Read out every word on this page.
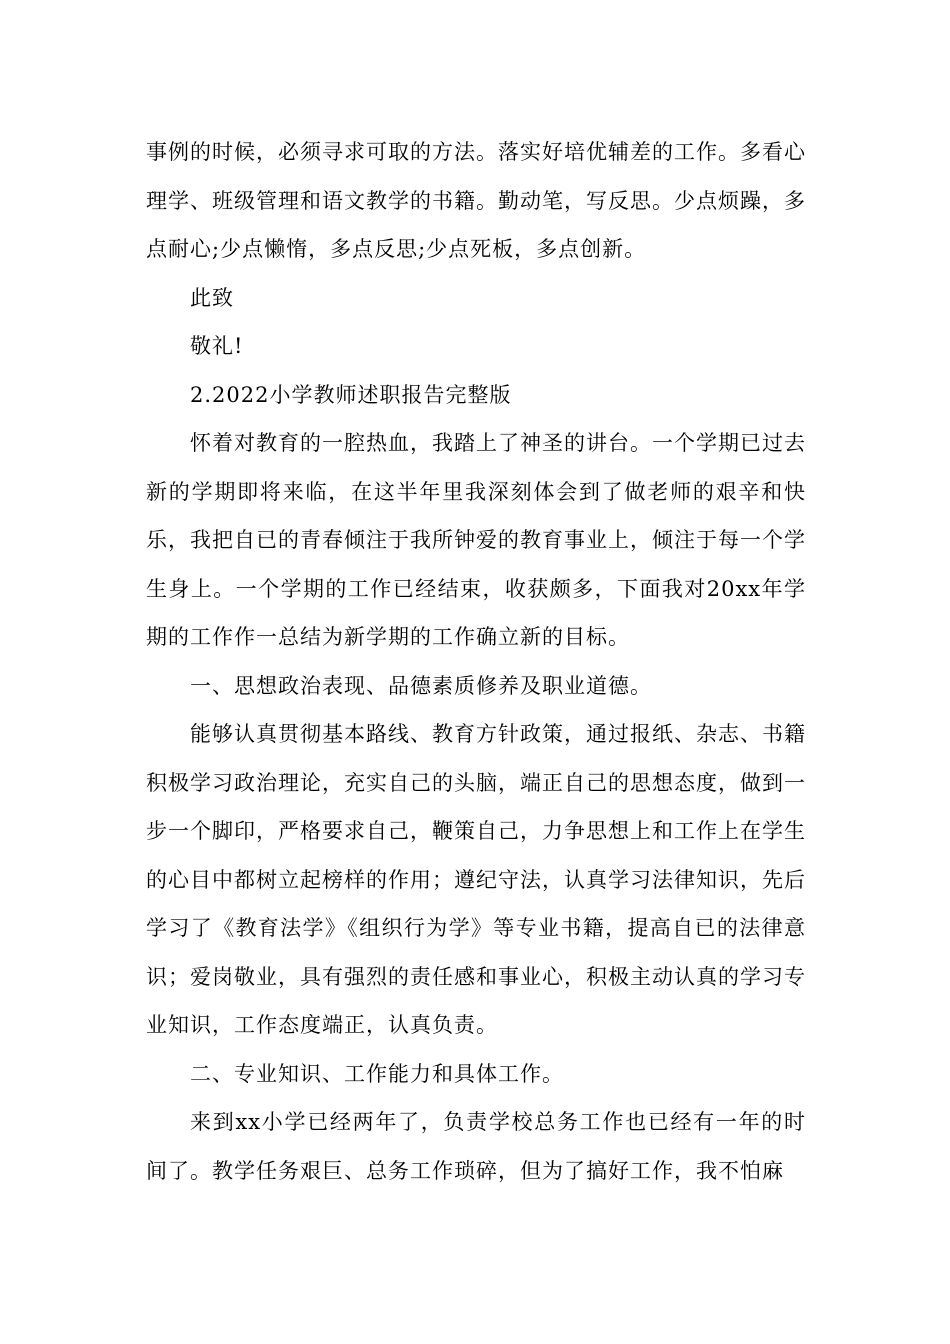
事例的时候，必须寻求可取的方法。落实好培优辅差的工作。多看心理学、班级管理和语文教学的书籍。勤动笔，写反思。少点烦躁，多点耐心;少点懒惰，多点反思;少点死板，多点创新。

此致

敬礼!

2.2022小学教师述职报告完整版

怀着对教育的一腔热血，我踏上了神圣的讲台。一个学期已过去新的学期即将来临，在这半年里我深刻体会到了做老师的艰辛和快乐，我把自已的青春倾注于我所钟爱的教育事业上，倾注于每一个学生身上。一个学期的工作已经结束，收获颇多，下面我对20xx年学期的工作作一总结为新学期的工作确立新的目标。

一、思想政治表现、品德素质修养及职业道德。

能够认真贯彻基本路线、教育方针政策，通过报纸、杂志、书籍积极学习政治理论，充实自己的头脑，端正自己的思想态度，做到一步一个脚印，严格要求自己，鞭策自己，力争思想上和工作上在学生的心目中都树立起榜样的作用；遵纪守法，认真学习法律知识，先后学习了《教育法学》《组织行为学》等专业书籍，提高自已的法律意识；爱岗敬业，具有强烈的责任感和事业心，积极主动认真的学习专业知识，工作态度端正，认真负责。

二、专业知识、工作能力和具体工作。

来到xx小学已经两年了，负责学校总务工作也已经有一年的时间了。教学任务艰巨、总务工作琐碎，但为了搞好工作，我不怕麻
